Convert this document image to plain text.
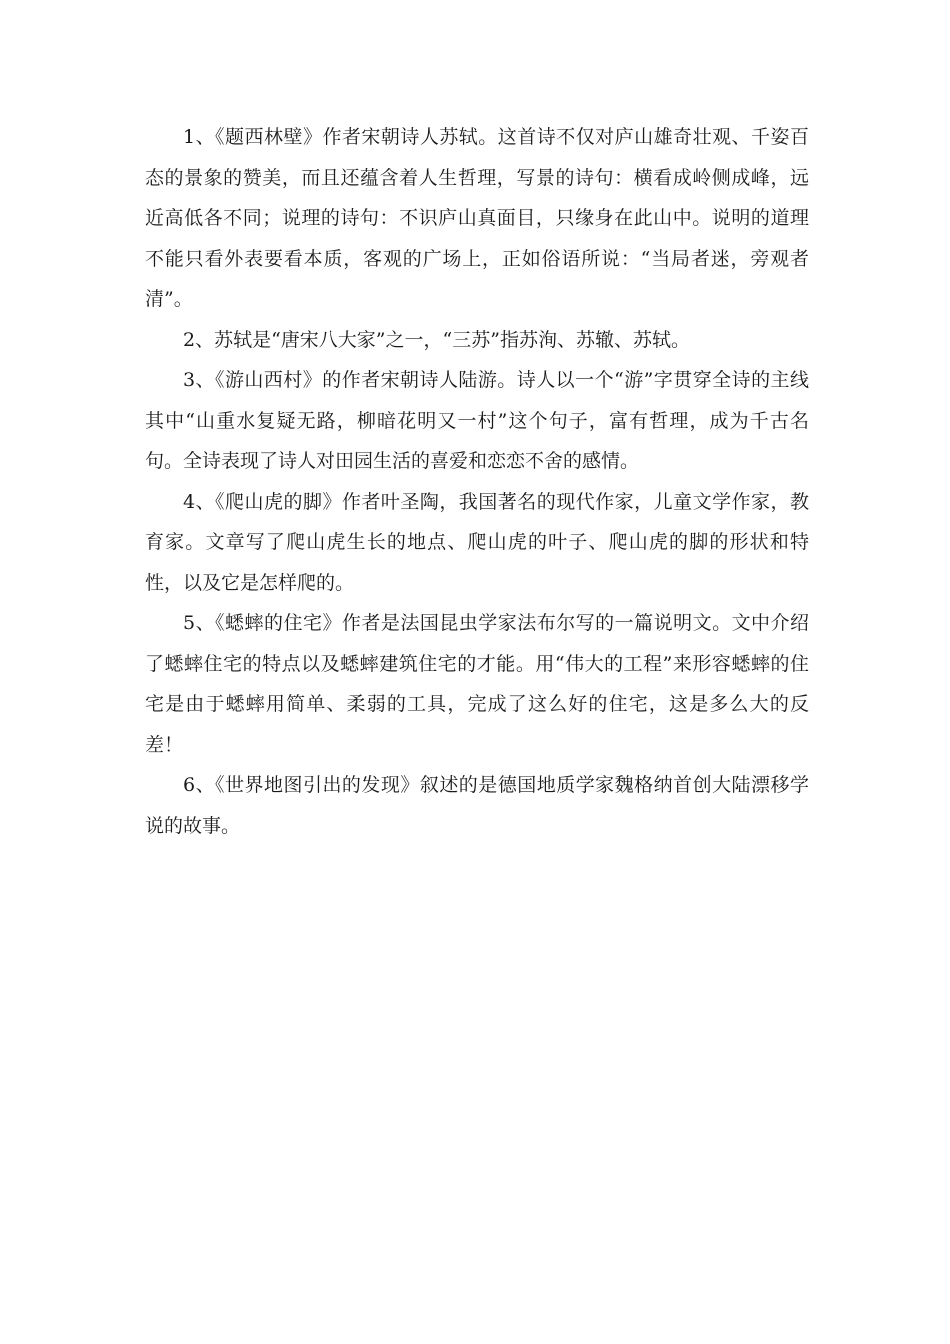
1、《题西林壁》作者宋朝诗人苏轼。这首诗不仅对庐山雄奇壮观、千姿百态的景象的赞美，而且还蕴含着人生哲理，写景的诗句：横看成岭侧成峰，远近高低各不同；说理的诗句：不识庐山真面目，只缘身在此山中。说明的道理不能只看外表要看本质，客观的广场上，正如俗语所说：“当局者迷，旁观者清”。

2、苏轼是“唐宋八大家”之一，“三苏”指苏洵、苏辙、苏轼。

3、《游山西村》的作者宋朝诗人陆游。诗人以一个“游”字贯穿全诗的主线其中“山重水复疑无路，柳暗花明又一村”这个句子，富有哲理，成为千古名句。全诗表现了诗人对田园生活的喜爱和恋恋不舍的感情。

4、《爬山虎的脚》作者叶圣陶，我国著名的现代作家，儿童文学作家，教育家。文章写了爬山虎生长的地点、爬山虎的叶子、爬山虎的脚的形状和特性，以及它是怎样爬的。

5、《蟋蟀的住宅》作者是法国昆虫学家法布尔写的一篇说明文。文中介绍了蟋蟀住宅的特点以及蟋蟀建筑住宅的才能。用“伟大的工程”来形容蟋蟀的住宅是由于蟋蟀用简单、柔弱的工具，完成了这么好的住宅，这是多么大的反差！

6、《世界地图引出的发现》叙述的是德国地质学家魏格纳首创大陆漂移学说的故事。
